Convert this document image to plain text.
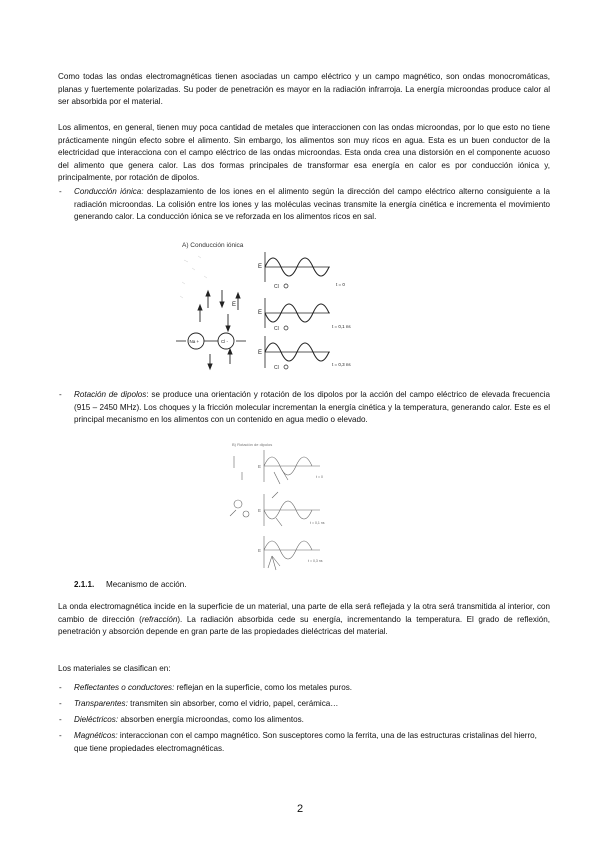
Como todas las ondas electromagnéticas tienen asociadas un campo eléctrico y un campo magnético, son ondas monocromáticas, planas y fuertemente polarizadas. Su poder de penetración es mayor en la radiación infrarroja. La energía microondas produce calor al ser absorbida por el material.

Los alimentos, en general, tienen muy poca cantidad de metales que interaccionen con las ondas microondas, por lo que esto no tiene prácticamente ningún efecto sobre el alimento. Sin embargo, los alimentos son muy ricos en agua. Esta es un buen conductor de la electricidad que interacciona con el campo eléctrico de las ondas microondas. Esta onda crea una distorsión en el componente acuoso del alimento que genera calor. Las dos formas principales de transformar esa energía en calor es por conducción iónica y, principalmente, por rotación de dipolos.

- Conducción iónica: desplazamiento de los iones en el alimento según la dirección del campo eléctrico alterno consiguiente a la radiación microondas. La colisión entre los iones y las moléculas vecinas transmite la energía cinética e incrementa el movimiento generando calor. La conducción iónica se ve reforzada en los alimentos ricos en sal.

A) Conducción iónica
E
Na +	Cl -
E
Cl	t = 0
E
Cl	t = 0,1 ns
E
Cl
t = 0,3 ns

- Rotación de dipolos: se produce una orientación y rotación de los dipolos por la acción del campo eléctrico de elevada frecuencia (915 – 2450 MHz). Los choques y la fricción molecular incrementan la energía cinética y la temperatura, generando calor. Este es el principal mecanismo en los alimentos con un contenido en agua medio o elevado.

B) Rotación de dipolos
E
t = 0
E
t = 0,1 ns
E
t = 0,3 ns

2.1.1. Mecanismo de acción.

La onda electromagnética incide en la superficie de un material, una parte de ella será reflejada y la otra será transmitida al interior, con cambio de dirección (refracción). La radiación absorbida cede su energía, incrementando la temperatura. El grado de reflexión, penetración y absorción depende en gran parte de las propiedades dieléctricas del material.

Los materiales se clasifican en:

- Reflectantes o conductores: reflejan en la superficie, como los metales puros.

- Transparentes: transmiten sin absorber, como el vidrio, papel, cerámica…

- Dieléctricos: absorben energía microondas, como los alimentos.

- Magnéticos: interaccionan con el campo magnético. Son susceptores como la ferrita, una de las estructuras cristalinas del hierro, que tiene propiedades electromagnéticas.

2
